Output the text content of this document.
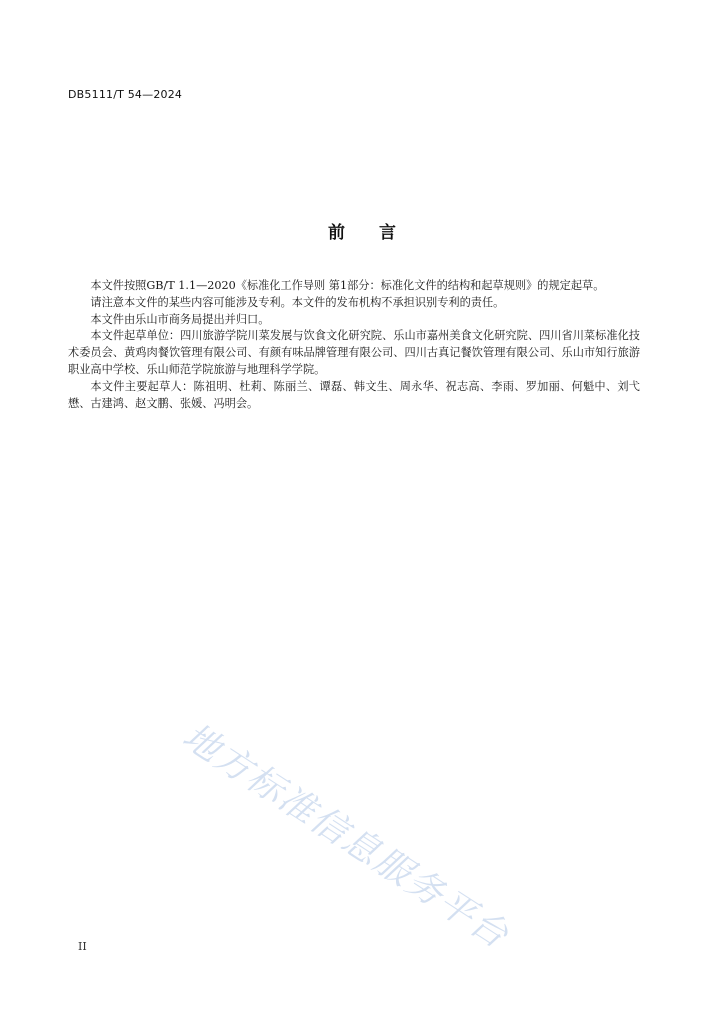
DB5111/T 54—2024
前言

本文件按照GB/T 1.1—2020《标准化工作导则 第1部分：标准化文件的结构和起草规则》的规定起草。

请注意本文件的某些内容可能涉及专利。本文件的发布机构不承担识别专利的责任。

本文件由乐山市商务局提出并归口。

本文件起草单位：四川旅游学院川菜发展与饮食文化研究院、乐山市嘉州美食文化研究院、四川省川菜标准化技术委员会、黄鸡肉餐饮管理有限公司、有颜有味品牌管理有限公司、四川古真记餐饮管理有限公司、乐山市知行旅游职业高中学校、乐山师范学院旅游与地理科学学院。

本文件主要起草人：陈祖明、杜莉、陈丽兰、谭磊、韩文生、周永华、祝志高、李雨、罗加丽、何魁中、刘弋懋、古建鸿、赵文鹏、张媛、冯明会。

地方标准信息服务平台
II
